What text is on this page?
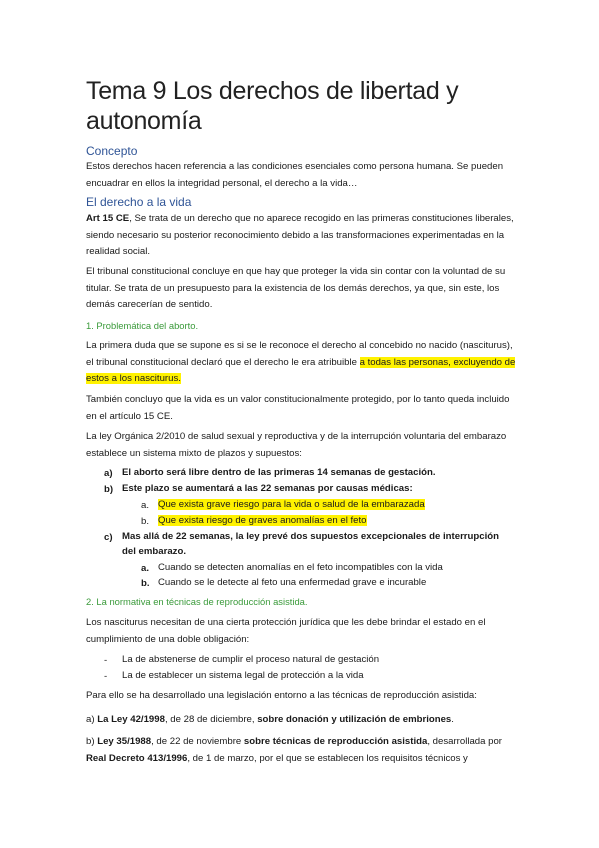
Tema 9 Los derechos de libertad y autonomía
Concepto
Estos derechos hacen referencia a las condiciones esenciales como persona humana. Se pueden encuadrar en ellos la integridad personal, el derecho a la vida…
El derecho a la vida
Art 15 CE, Se trata de un derecho que no aparece recogido en las primeras constituciones liberales, siendo necesario su posterior reconocimiento debido a las transformaciones experimentadas en la realidad social.
El tribunal constitucional concluye en que hay que proteger la vida sin contar con la voluntad de su titular. Se trata de un presupuesto para la existencia de los demás derechos, ya que, sin este, los demás carecerían de sentido.
1. Problemática del aborto.
La primera duda que se supone es si se le reconoce el derecho al concebido no nacido (nasciturus), el tribunal constitucional declaró que el derecho le era atribuible a todas las personas, excluyendo de estos a los nasciturus.
También concluyo que la vida es un valor constitucionalmente protegido, por lo tanto queda incluido en el artículo 15 CE.
La ley Orgánica 2/2010 de salud sexual y reproductiva y de la interrupción voluntaria del embarazo establece un sistema mixto de plazos y supuestos:
a) El aborto será libre dentro de las primeras 14 semanas de gestación.
b) Este plazo se aumentará a las 22 semanas por causas médicas:
a. Que exista grave riesgo para la vida o salud de la embarazada
b. Que exista riesgo de graves anomalías en el feto
c) Mas allá de 22 semanas, la ley prevé dos supuestos excepcionales de interrupción
del embarazo.
a. Cuando se detecten anomalías en el feto incompatibles con la vida
b. Cuando se le detecte al feto una enfermedad grave e incurable
2. La normativa en técnicas de reproducción asistida.
Los nasciturus necesitan de una cierta protección jurídica que les debe brindar el estado en el cumplimiento de una doble obligación:
- La de abstenerse de cumplir el proceso natural de gestación
- La de establecer un sistema legal de protección a la vida
Para ello se ha desarrollado una legislación entorno a las técnicas de reproducción asistida:
a) La Ley 42/1998, de 28 de diciembre, sobre donación y utilización de embriones.
b) Ley 35/1988, de 22 de noviembre sobre técnicas de reproducción asistida, desarrollada por Real Decreto 413/1996, de 1 de marzo, por el que se establecen los requisitos técnicos y
